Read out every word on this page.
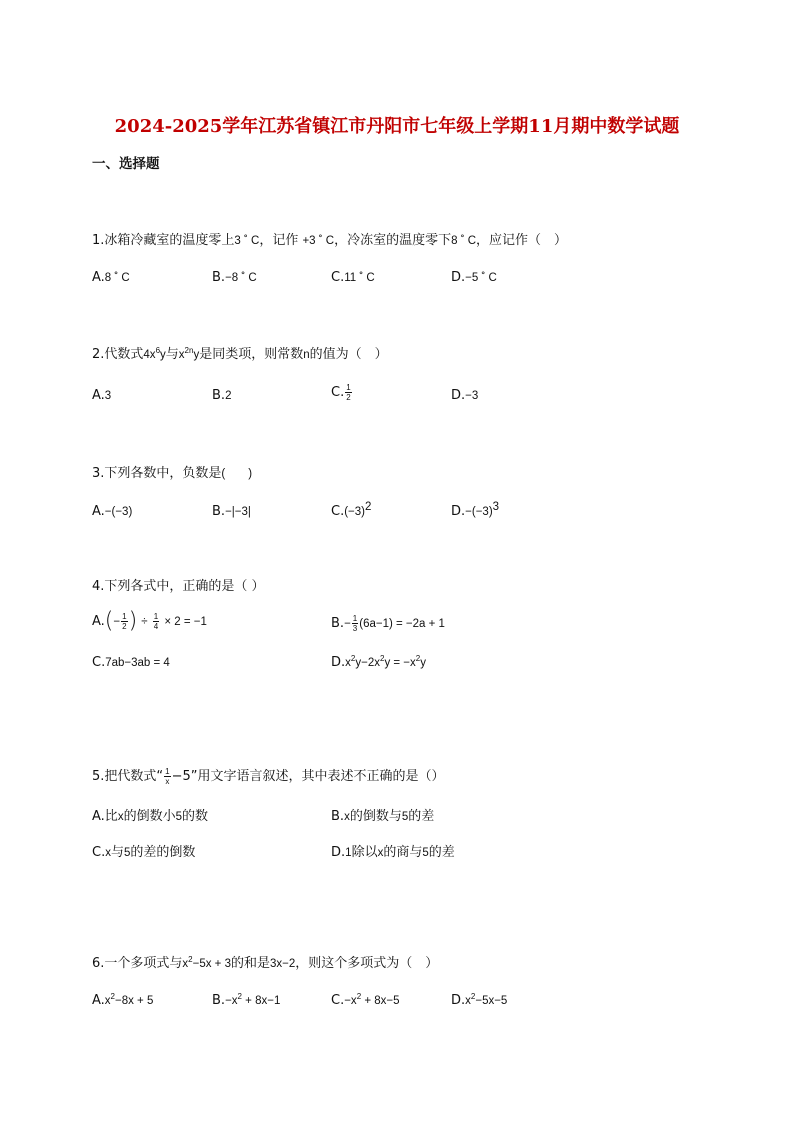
2024-2025学年江苏省镇江市丹阳市七年级上学期11月期中数学试题
一、选择题
1.冰箱冷藏室的温度零上3 ˚ C，记作 +3 ˚ C，冷冻室的温度零下8 ˚ C，应记作（　）
A.8 ˚ C	B.−8 ˚ C	C.11 ˚ C	D.−5 ˚ C
2.代数式$4x^6y$与$x^{2n}y$是同类项，则常数n的值为（　）
A.3	B.2	C. $\frac{1}{2}$	D.−3
3.下列各数中，负数是(　　)
A.−(−3)	B.−|−3|	$C.(-3)^2$	$D.-(-3)^3$
4.下列各式中，正确的是（ ）
$A.(- \frac{1}{2}$ ) ÷ $\frac{1}{4} \times 2 = -1$	$B.- \frac{1}{3} (6a-1) = -2a + 1$
C.7ab−3ab = 4	$D.x^2y-2x^2y = -x^2y$
5.把代数式“ $\frac{1}{x} -5$”用文字语言叙述，其中表述不正确的是（）
A.比x的倒数小5的数	B.x的倒数与5的差
C.x与5的差的倒数	D.1除以x的商与5的差
6.一个多项式与$x^2-5x + 3$的和是3x−2，则这个多项式为（　）
$A.x^2-8x + 5$	$B.-x^2 + 8x-1$	$C.-x^2 + 8x-5$	$D.x^2-5x-5$
